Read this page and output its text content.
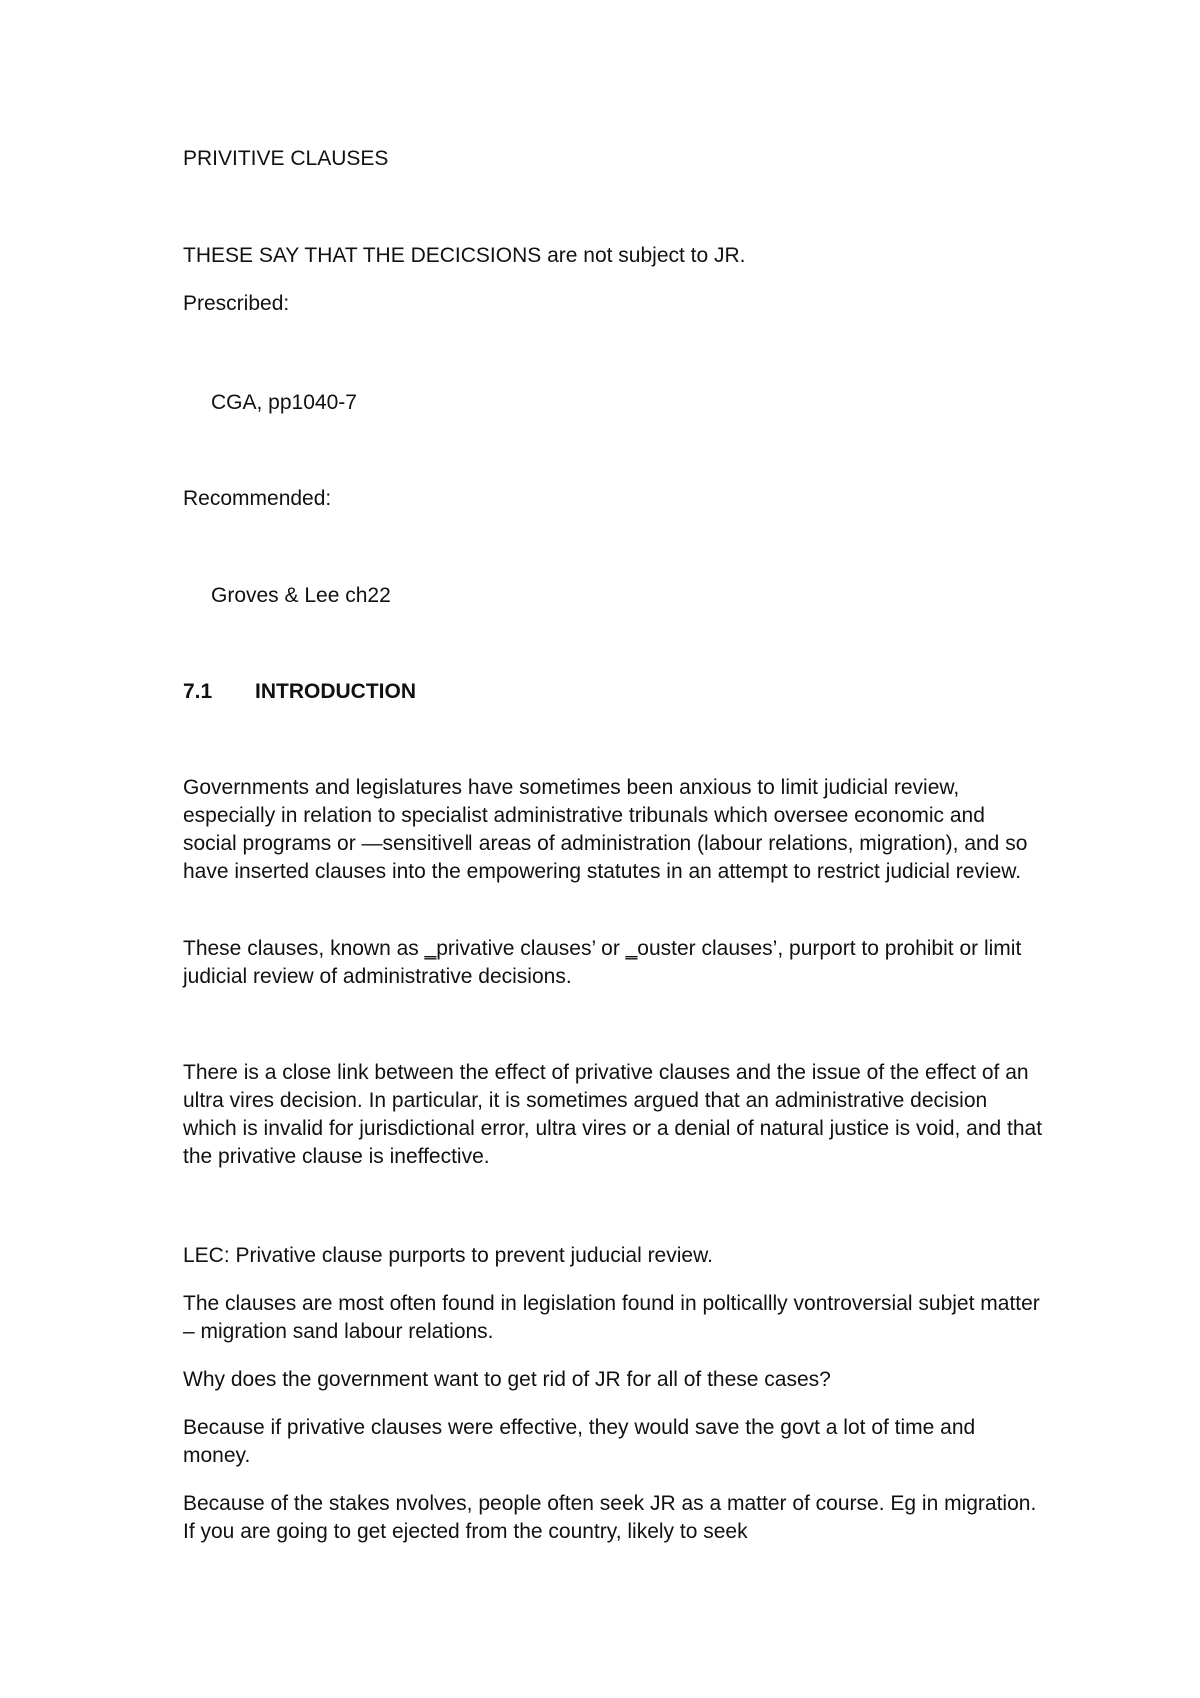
PRIVITIVE CLAUSES

THESE SAY THAT THE DECICSIONS are not subject to JR.

Prescribed:

CGA, pp1040-7

Recommended:

Groves & Lee ch22

7.1 INTRODUCTION

Governments and legislatures have sometimes been anxious to limit judicial review, especially in relation to specialist administrative tribunals which oversee economic and social programs or —sensitive‖ areas of administration (labour relations, migration), and so have inserted clauses into the empowering statutes in an attempt to restrict judicial review.

These clauses, known as ‗privative clauses’ or ‗ouster clauses’, purport to prohibit or limit judicial review of administrative decisions.

There is a close link between the effect of privative clauses and the issue of the effect of an ultra vires decision. In particular, it is sometimes argued that an administrative decision which is invalid for jurisdictional error, ultra vires or a denial of natural justice is void, and that the privative clause is ineffective.

LEC: Privative clause purports to prevent juducial review.

The clauses are most often found in legislation found in polticallly vontroversial subjet matter – migration sand labour relations.

Why does the government want to get rid of JR for all of these cases?

Because if privative clauses were effective, they would save the govt a lot of time and money.

Because of the stakes nvolves, people often seek JR as a matter of course. Eg in migration. If you are going to get ejected from the country, likely to seek
